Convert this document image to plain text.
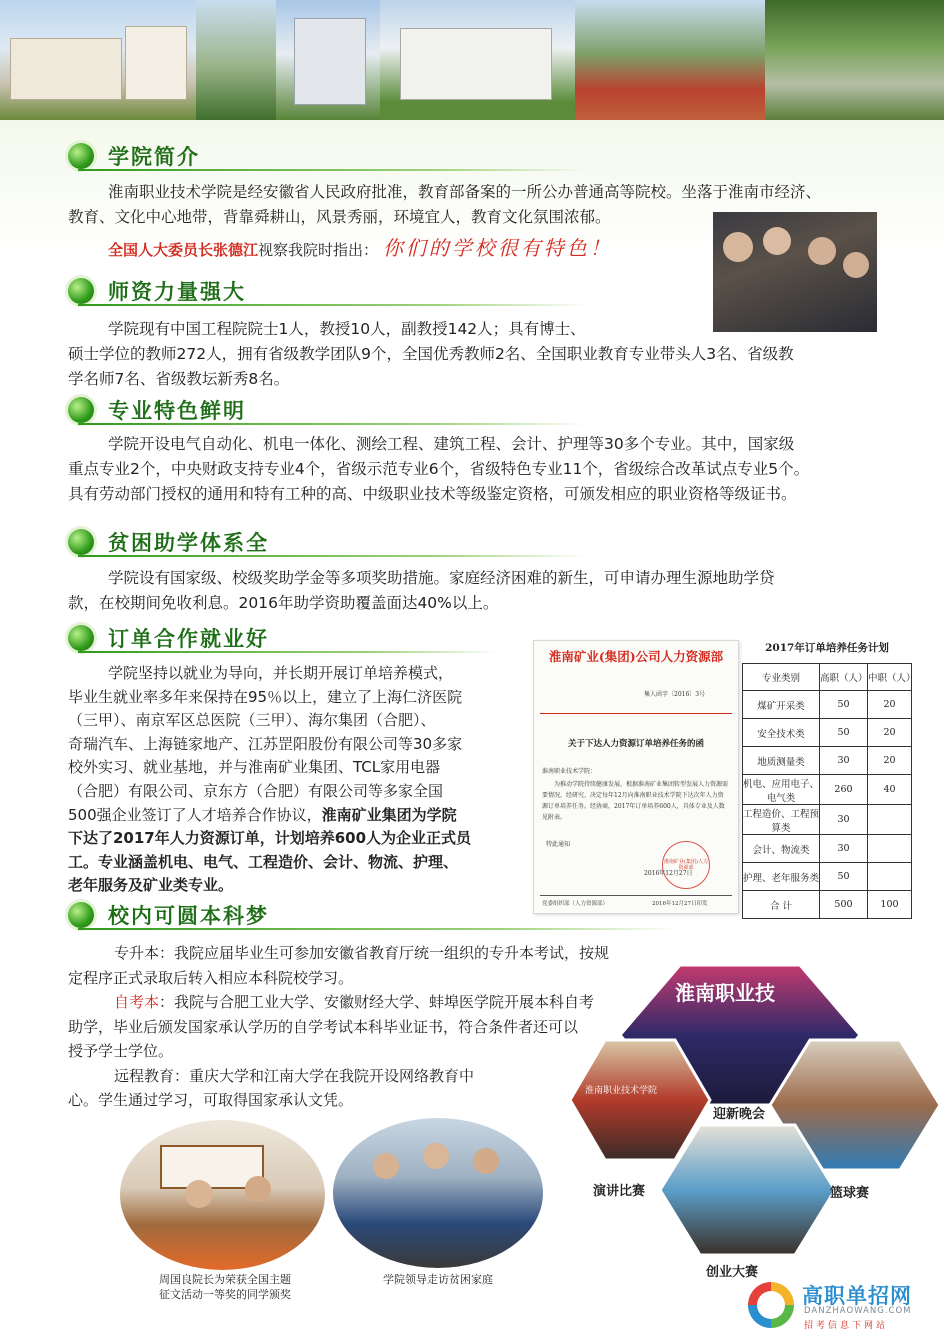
学院简介

淮南职业技术学院是经安徽省人民政府批准，教育部备案的一所公办普通高等院校。坐落于淮南市经济、

教育、文化中心地带，背靠舜耕山，风景秀丽，环境宜人，教育文化氛围浓郁。

全国人大委员长张德江视察我院时指出： 你们的学校很有特色！
师资力量强大

学院现有中国工程院院士1人，教授10人，副教授142人；具有博士、

硕士学位的教师272人，拥有省级教学团队9个，全国优秀教师2名、全国职业教育专业带头人3名、省级教

学名师7名、省级教坛新秀8名。

专业特色鲜明

学院开设电气自动化、机电一体化、测绘工程、建筑工程、会计、护理等30多个专业。其中，国家级

重点专业2个，中央财政支持专业4个，省级示范专业6个，省级特色专业11个，省级综合改革试点专业5个。

具有劳动部门授权的通用和特有工种的高、中级职业技术等级鉴定资格，可颁发相应的职业资格等级证书。

贫困助学体系全

学院设有国家级、校级奖助学金等多项奖助措施。家庭经济困难的新生，可申请办理生源地助学贷

款，在校期间免收利息。2016年助学资助覆盖面达40%以上。

订单合作就业好

学院坚持以就业为导向，并长期开展订单培养模式，

毕业生就业率多年来保持在95％以上，建立了上海仁济医院

（三甲）、南京军区总医院（三甲）、海尔集团（合肥）、

奇瑞汽车、上海链家地产、江苏罡阳股份有限公司等30多家

校外实习、就业基地，并与淮南矿业集团、TCL家用电器

（合肥）有限公司、京东方（合肥）有限公司等多家全国

500强企业签订了人才培养合作协议，淮南矿业集团为学院

下达了2017年人力资源订单，计划培养600人为企业正式员

工。专业涵盖机电、电气、工程造价、会计、物流、护理、

老年服务及矿业类专业。

淮南矿业(集团)公司人力资源部
集人函字〔2016〕3号
关于下达人力资源订单培养任务的函
淮南职业技术学院：
为推动学院持续健康发展，根据淮南矿业集团转型发展人力资源需要情况，经研究，决定每年12月向淮南职业技术学院下达次年人力资源订单培养任务。经协商，2017年订单培养600人，具体专业及人数见附表。
特此通知
淮南矿业(集团)人力资源部
2016年12月27日
党委组织部（人力资源部）	2016年12月27日印发
2017年订单培养任务计划
专业类别	高职（人）	中职（人）
煤矿开采类	50	20
安全技术类	50	20
地质测量类	30	20
机电、应用电子、电气类	260	40
工程造价、工程预算类	30	
会计、物流类	30	
护理、老年服务类	50	
合 计	500	100
校内可圆本科梦

专升本：我院应届毕业生可参加安徽省教育厅统一组织的专升本考试，按规

定程序正式录取后转入相应本科院校学习。

自考本：我院与合肥工业大学、安徽财经大学、蚌埠医学院开展本科自考

助学，毕业后颁发国家承认学历的自学考试本科毕业证书，符合条件者还可以

授予学士学位。

远程教育：重庆大学和江南大学在我院开设网络教育中

心。学生通过学习，可取得国家承认文凭。

淮南职业技
淮南职业技术学院
迎新晚会
演讲比赛	篮球赛
创业大赛
周国良院长为荣获全国主题
征文活动一等奖的同学颁奖
学院领导走访贫困家庭
高职单招网
DANZHAOWANG.COM
招考信息下网站
